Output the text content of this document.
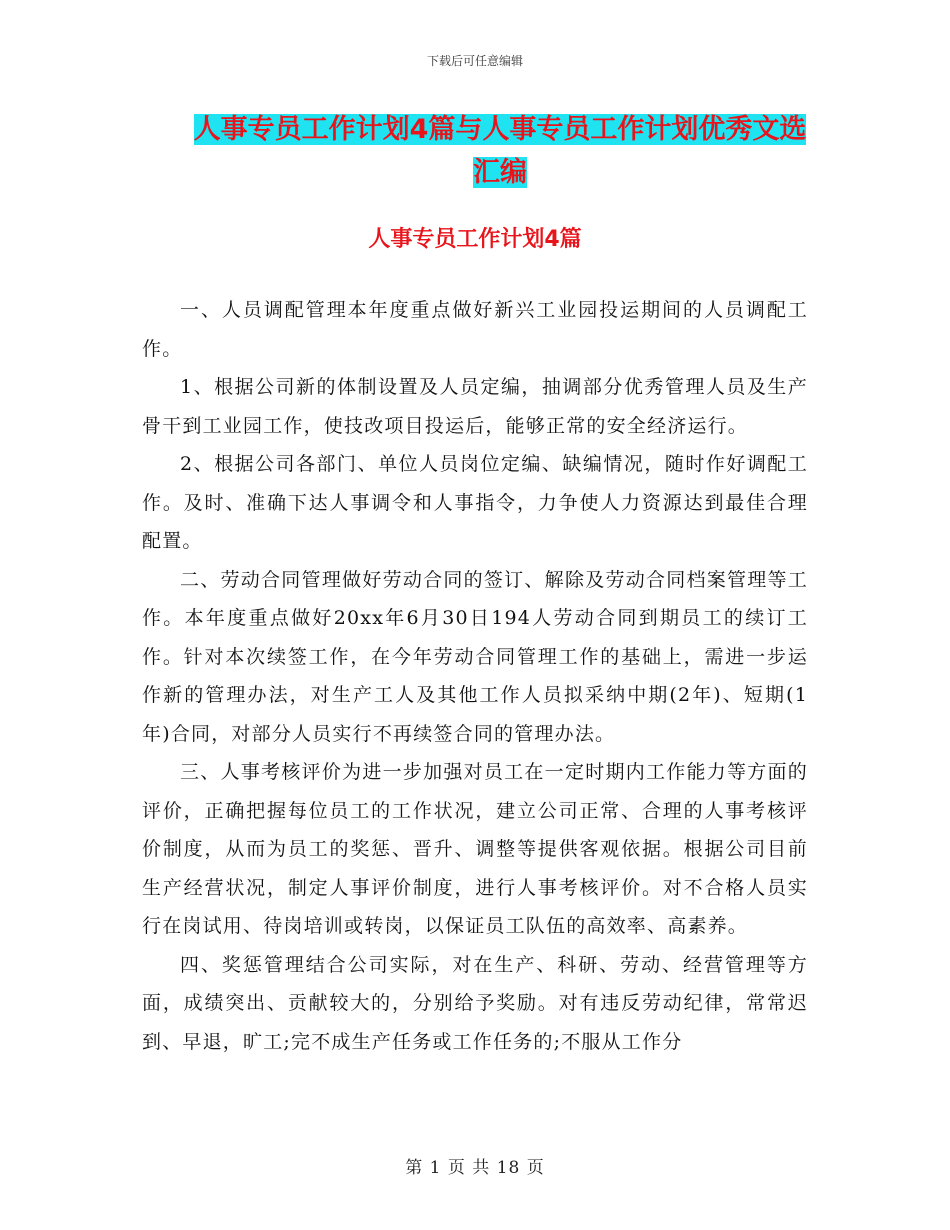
下载后可任意编辑
人事专员工作计划4篇与人事专员工作计划优秀文选
汇编
人事专员工作计划4篇

一、人员调配管理本年度重点做好新兴工业园投运期间的人员调配工作。

1、根据公司新的体制设置及人员定编，抽调部分优秀管理人员及生产骨干到工业园工作，使技改项目投运后，能够正常的安全经济运行。

2、根据公司各部门、单位人员岗位定编、缺编情况，随时作好调配工作。及时、准确下达人事调令和人事指令，力争使人力资源达到最佳合理配置。

二、劳动合同管理做好劳动合同的签订、解除及劳动合同档案管理等工作。本年度重点做好20xx年6月30日194人劳动合同到期员工的续订工作。针对本次续签工作，在今年劳动合同管理工作的基础上，需进一步运作新的管理办法，对生产工人及其他工作人员拟采纳中期(2年)、短期(1年)合同，对部分人员实行不再续签合同的管理办法。

三、人事考核评价为进一步加强对员工在一定时期内工作能力等方面的评价，正确把握每位员工的工作状况，建立公司正常、合理的人事考核评价制度，从而为员工的奖惩、晋升、调整等提供客观依据。根据公司目前生产经营状况，制定人事评价制度，进行人事考核评价。对不合格人员实行在岗试用、待岗培训或转岗，以保证员工队伍的高效率、高素养。

四、奖惩管理结合公司实际，对在生产、科研、劳动、经营管理等方面，成绩突出、贡献较大的，分别给予奖励。对有违反劳动纪律，常常迟到、早退，旷工;完不成生产任务或工作任务的;不服从工作分

第 1 页 共 18 页
